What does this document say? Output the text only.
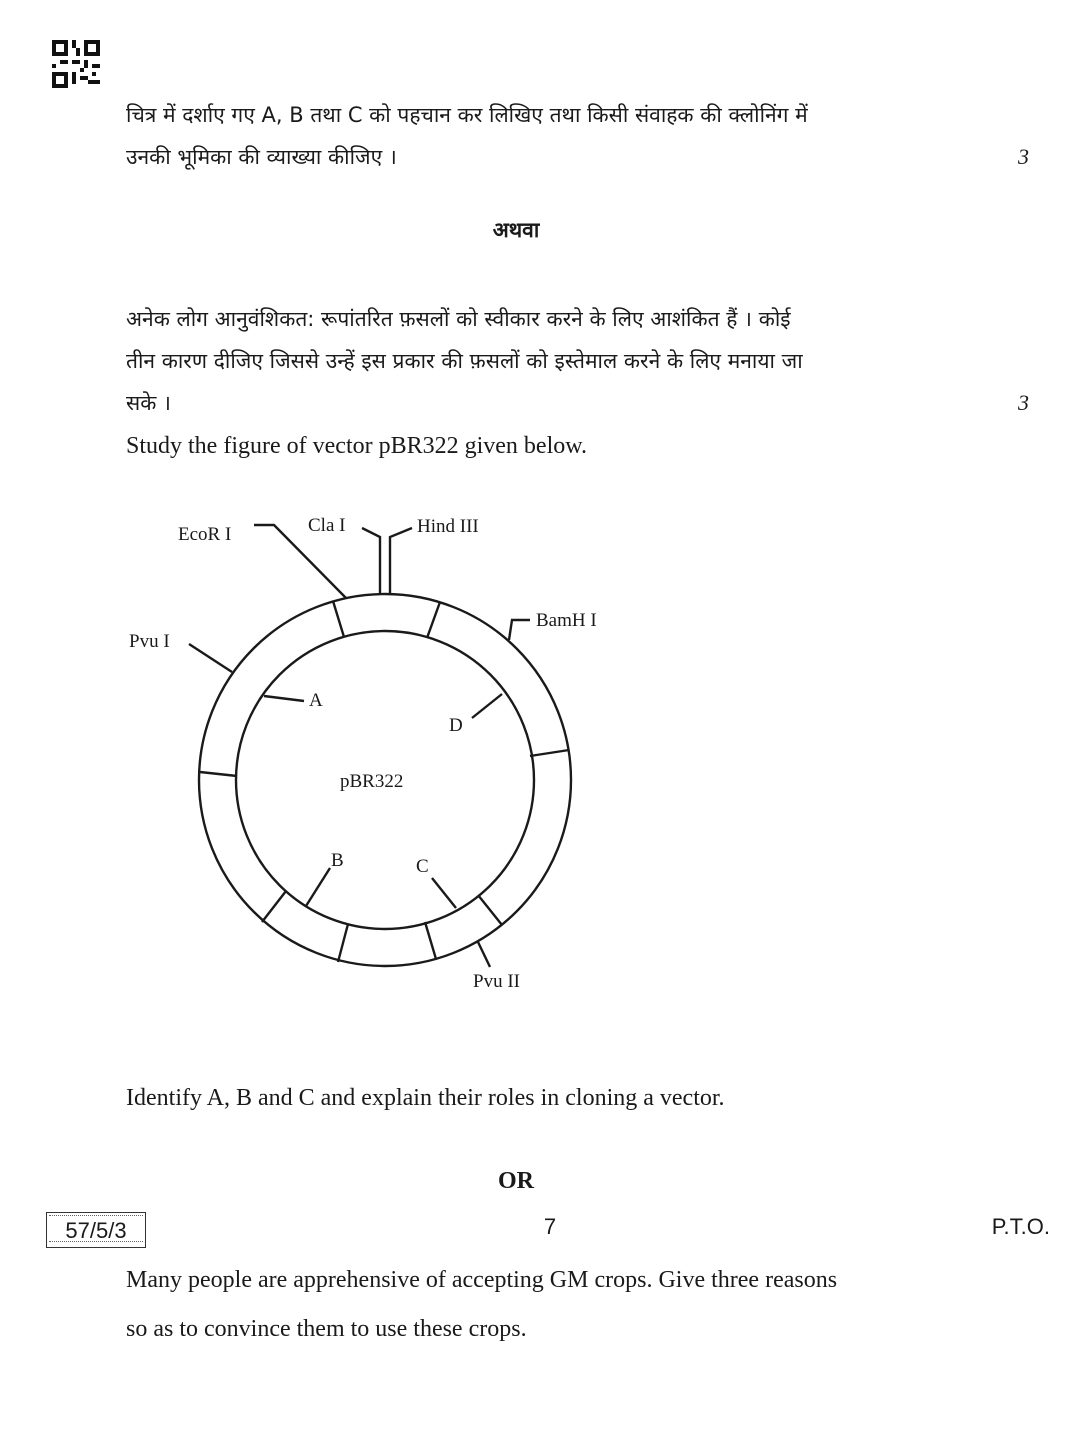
चित्र में दर्शाए गए A, B तथा C को पहचान कर लिखिए तथा किसी संवाहक की क्लोनिंग में
उनकी भूमिका की व्याख्या कीजिए ।	3
अथवा
अनेक लोग आनुवंशिकत: रूपांतरित फ़सलों को स्वीकार करने के लिए आशंकित हैं । कोई
तीन कारण दीजिए जिससे उन्हें इस प्रकार की फ़सलों को इस्तेमाल करने के लिए मनाया जा
सके ।	3
Study the figure of vector pBR322 given below.
EcoR I	Cla I	Hind III
BamH I
Pvu I
Pvu II
A
D
B	C
pBR322
Identify A, B and C and explain their roles in cloning a vector.
OR
Many people are apprehensive of accepting GM crops. Give three reasons
so as to convince them to use these crops.
57/5/3	7	P.T.O.
